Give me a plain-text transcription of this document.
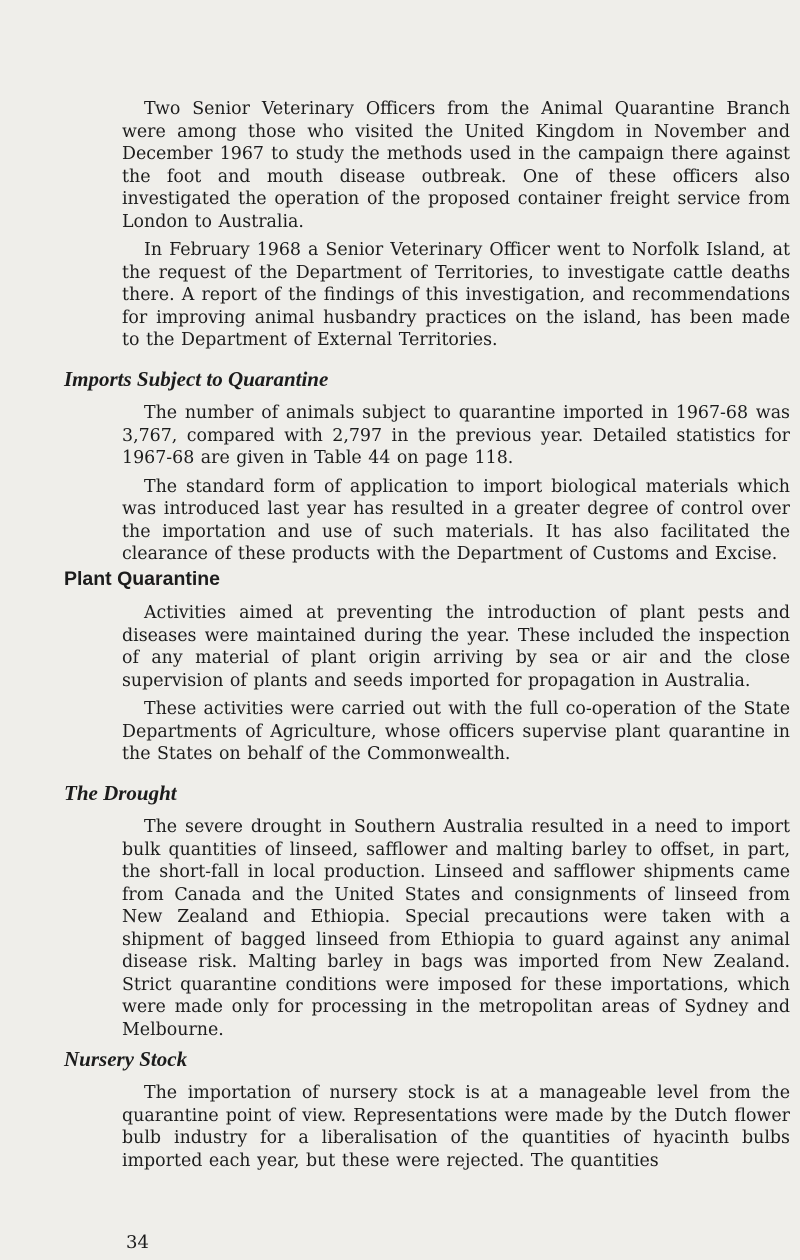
Two Senior Veterinary Officers from the Animal Quarantine Branch were among those who visited the United Kingdom in November and December 1967 to study the methods used in the campaign there against the foot and mouth disease outbreak. One of these officers also investigated the operation of the proposed container freight service from London to Australia.

In February 1968 a Senior Veterinary Officer went to Norfolk Island, at the request of the Department of Territories, to investigate cattle deaths there. A report of the findings of this investigation, and recommendations for improving animal husbandry practices on the island, has been made to the Department of External Territories.

Imports Subject to Quarantine

The number of animals subject to quarantine imported in 1967-68 was 3,767, compared with 2,797 in the previous year. Detailed statistics for 1967-68 are given in Table 44 on page 118.

The standard form of application to import biological materials which was introduced last year has resulted in a greater degree of control over the importation and use of such materials. It has also facilitated the clearance of these products with the Department of Customs and Excise.

Plant Quarantine

Activities aimed at preventing the introduction of plant pests and diseases were maintained during the year. These included the inspection of any material of plant origin arriving by sea or air and the close supervision of plants and seeds imported for propagation in Australia.

These activities were carried out with the full co-operation of the State Departments of Agriculture, whose officers supervise plant quarantine in the States on behalf of the Commonwealth.

The Drought

The severe drought in Southern Australia resulted in a need to import bulk quantities of linseed, safflower and malting barley to offset, in part, the short-fall in local production. Linseed and safflower shipments came from Canada and the United States and consignments of linseed from New Zealand and Ethiopia. Special precautions were taken with a shipment of bagged linseed from Ethiopia to guard against any animal disease risk. Malting barley in bags was imported from New Zealand. Strict quarantine conditions were imposed for these importations, which were made only for processing in the metropolitan areas of Sydney and Melbourne.

Nursery Stock

The importation of nursery stock is at a manageable level from the quarantine point of view. Representations were made by the Dutch flower bulb industry for a liberalisation of the quantities of hyacinth bulbs imported each year, but these were rejected. The quantities

34
